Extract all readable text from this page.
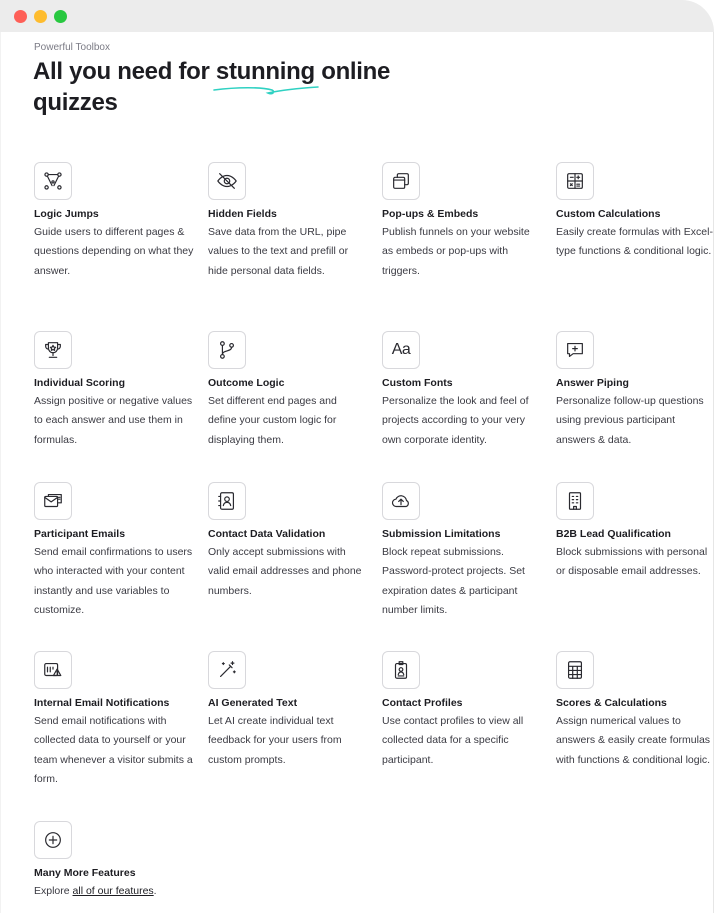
Powerful Toolbox
All you need for stunning online quizzes
Logic Jumps
Guide users to different pages & questions depending on what they answer.
Hidden Fields
Save data from the URL, pipe values to the text and prefill or hide personal data fields.
Pop-ups & Embeds
Publish funnels on your website as embeds or pop-ups with triggers.
Custom Calculations
Easily create formulas with Excel-type functions & conditional logic.
Individual Scoring
Assign positive or negative values to each answer and use them in formulas.
Outcome Logic
Set different end pages and define your custom logic for displaying them.
Aa
Custom Fonts
Personalize the look and feel of projects according to your very own corporate identity.
Answer Piping
Personalize follow-up questions using previous participant answers & data.
Participant Emails
Send email confirmations to users who interacted with your content instantly and use variables to customize.
Contact Data Validation
Only accept submissions with valid email addresses and phone numbers.
Submission Limitations
Block repeat submissions. Password-protect projects. Set expiration dates & participant number limits.
B2B Lead Qualification
Block submissions with personal or disposable email addresses.
Internal Email Notifications
Send email notifications with collected data to yourself or your team whenever a visitor submits a form.
AI Generated Text
Let AI create individual text feedback for your users from custom prompts.
Contact Profiles
Use contact profiles to view all collected data for a specific participant.
Scores & Calculations
Assign numerical values to answers & easily create formulas with functions & conditional logic.
Many More Features
Explore all of our features.
